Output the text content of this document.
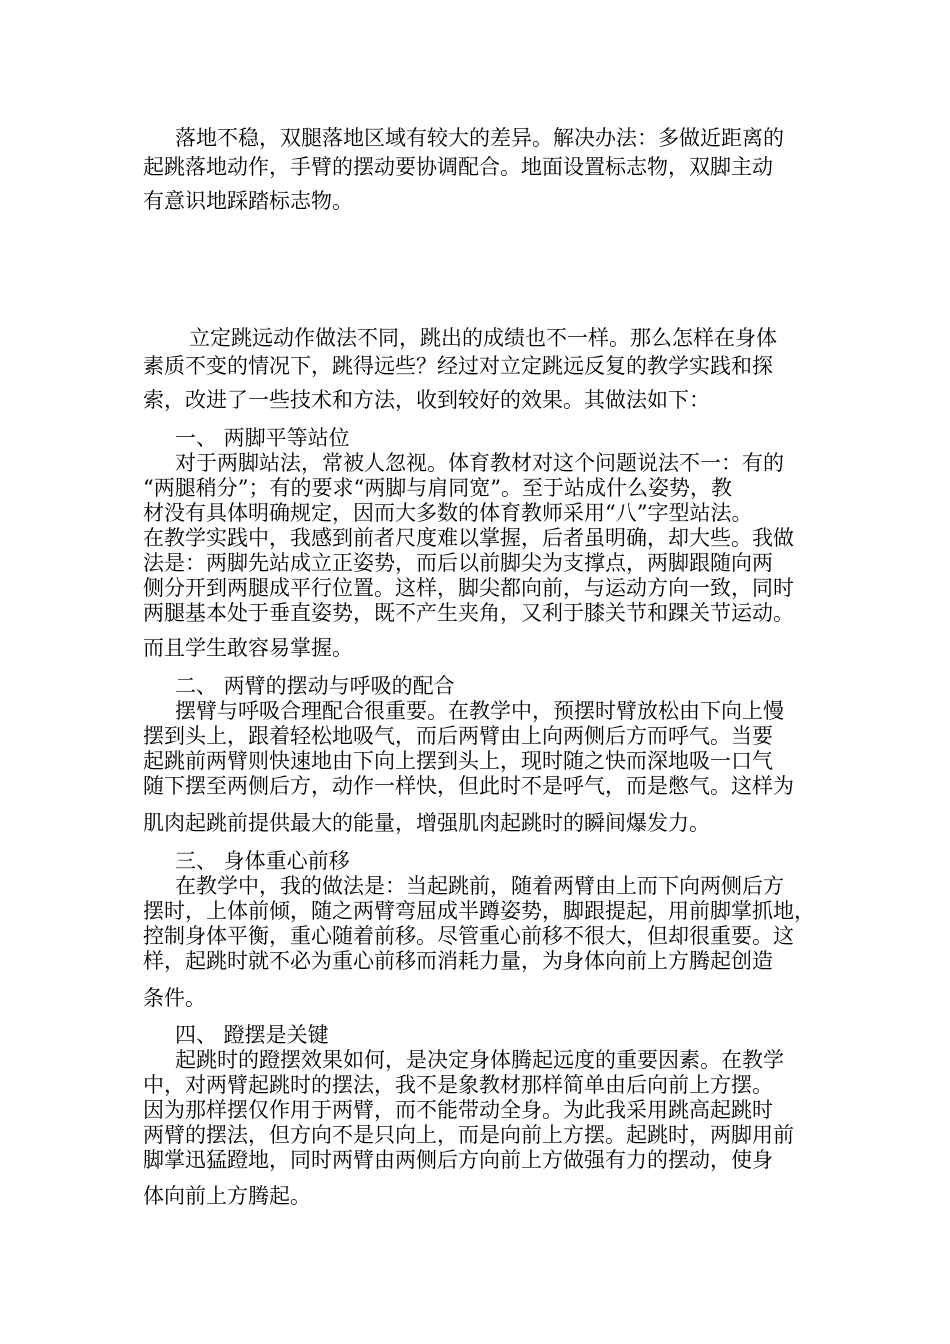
落地不稳，双腿落地区域有较大的差异。解决办法：多做近距离的
起跳落地动作，手臂的摆动要协调配合。地面设置标志物，双脚主动
有意识地踩踏标志物。
立定跳远动作做法不同，跳出的成绩也不一样。那么怎样在身体
素质不变的情况下，跳得远些？经过对立定跳远反复的教学实践和探
索，改进了一些技术和方法，收到较好的效果。其做法如下：
一、 两脚平等站位
对于两脚站法，常被人忽视。体育教材对这个问题说法不一：有的
“两腿稍分”；有的要求“两脚与肩同宽”。至于站成什么姿势，教
材没有具体明确规定，因而大多数的体育教师采用“八”字型站法。
在教学实践中，我感到前者尺度难以掌握，后者虽明确，却大些。我做
法是：两脚先站成立正姿势，而后以前脚尖为支撑点，两脚跟随向两
侧分开到两腿成平行位置。这样，脚尖都向前，与运动方向一致，同时
两腿基本处于垂直姿势，既不产生夹角，又利于膝关节和踝关节运动。
而且学生敢容易掌握。
二、 两臂的摆动与呼吸的配合
摆臂与呼吸合理配合很重要。在教学中，预摆时臂放松由下向上慢
摆到头上，跟着轻松地吸气，而后两臂由上向两侧后方而呼气。当要
起跳前两臂则快速地由下向上摆到头上，现时随之快而深地吸一口气
随下摆至两侧后方，动作一样快，但此时不是呼气，而是憋气。这样为
肌肉起跳前提供最大的能量，增强肌肉起跳时的瞬间爆发力。
三、 身体重心前移
在教学中，我的做法是：当起跳前，随着两臂由上而下向两侧后方
摆时，上体前倾，随之两臂弯屈成半蹲姿势，脚跟提起，用前脚掌抓地，
控制身体平衡，重心随着前移。尽管重心前移不很大，但却很重要。这
样，起跳时就不必为重心前移而消耗力量，为身体向前上方腾起创造
条件。
四、 蹬摆是关键
起跳时的蹬摆效果如何，是决定身体腾起远度的重要因素。在教学
中，对两臂起跳时的摆法，我不是象教材那样简单由后向前上方摆。
因为那样摆仅作用于两臂，而不能带动全身。为此我采用跳高起跳时
两臂的摆法，但方向不是只向上，而是向前上方摆。起跳时，两脚用前
脚掌迅猛蹬地，同时两臂由两侧后方向前上方做强有力的摆动，使身
体向前上方腾起。
